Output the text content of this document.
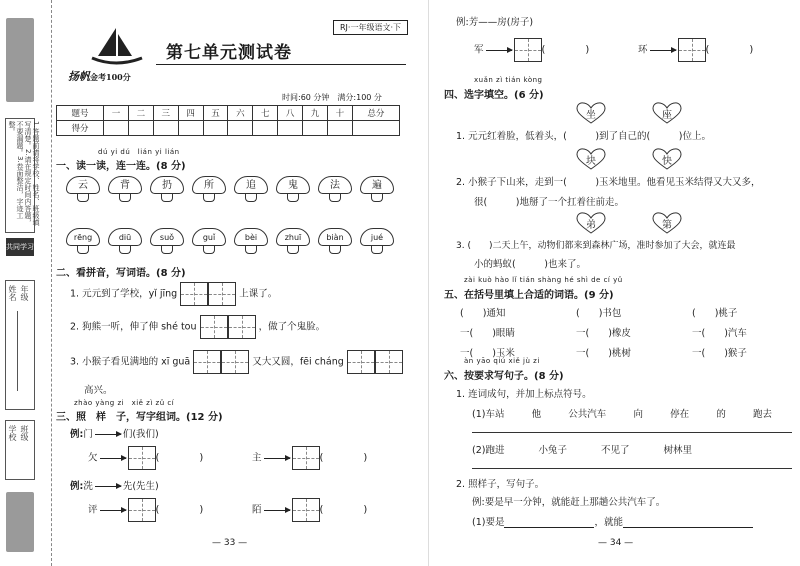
1.答题前请将学校、姓名、班级填写清楚。2.请在规定时间内答题，不要漏题。3.卷面整洁，字迹工整。
共同学习
姓名 年级
学校 班级
扬帆金考100分
RJ·一年级语文·下
第七单元测试卷
时间:60 分钟　满分:100 分
题号	一	二	三	四	五	六	七	八	九	十	总分
得分											
dú yi dú　lián yi lián
一、读一读，连一连。(8 分)
云	背	扔	所	追	鬼	法	遍
rēng	diū	suǒ	guǐ	bèi	zhuī	biàn	jué
二、看拼音，写词语。(8 分)
1. 元元到了学校，yǐ jīng	上课了。
2. 狗熊一听，伸了伸 shé tou	，做了个鬼脸。
3. 小猴子看见满地的 xī guā	又大又圆，fēi cháng
高兴。
zhào yàng zi　xiě zì zǔ cí
三、照　样　子，写字组词。(12 分)
例:门	们(我们)
欠	(　　　　)	主	(　　　　)
例:洗	先(先生)
评	(　　　　)	陌	(　　　　)
— 33 —
例:芳——房(房子)
军	(　　　　)	环	(　　　　)
xuǎn zì tián kòng
四、选字填空。(6 分)
坐	座
1. 元元红着脸，低着头，(　　　	)到了自己的(　　　	)位上。
块	快
2. 小猴子下山来，走到一(　　　	)玉米地里。他看见玉米结得又大又多，
很(　　　	)地掰了一个扛着往前走。
弟	第
3. (　　 )二天上午，动物们都来到森林广场，准时参加了大会，就连最
小的蚂蚁(　　　	)也来了。
zài kuò hào lǐ tián shàng hé shì de cí yǔ
五、在括号里填上合适的词语。(9 分)
(　　)通知	(　　)书包	(　　)桃子
一(　　)眼睛	一(　　)橡皮	一(　　)汽车
一(　　)玉米	一(　　)桃树	一(　　)猴子
àn yāo qiú xiě jù zi
六、按要求写句子。(8 分)
1. 连词成句，并加上标点符号。
(1)车站	他	公共汽车	向	停在	的	跑去
(2)跑进	小兔子	不见了	树林里
2. 照样子，写句子。
例:要是早一分钟，就能赶上那趟公共汽车了。
(1)要是	，就能
— 34 —
